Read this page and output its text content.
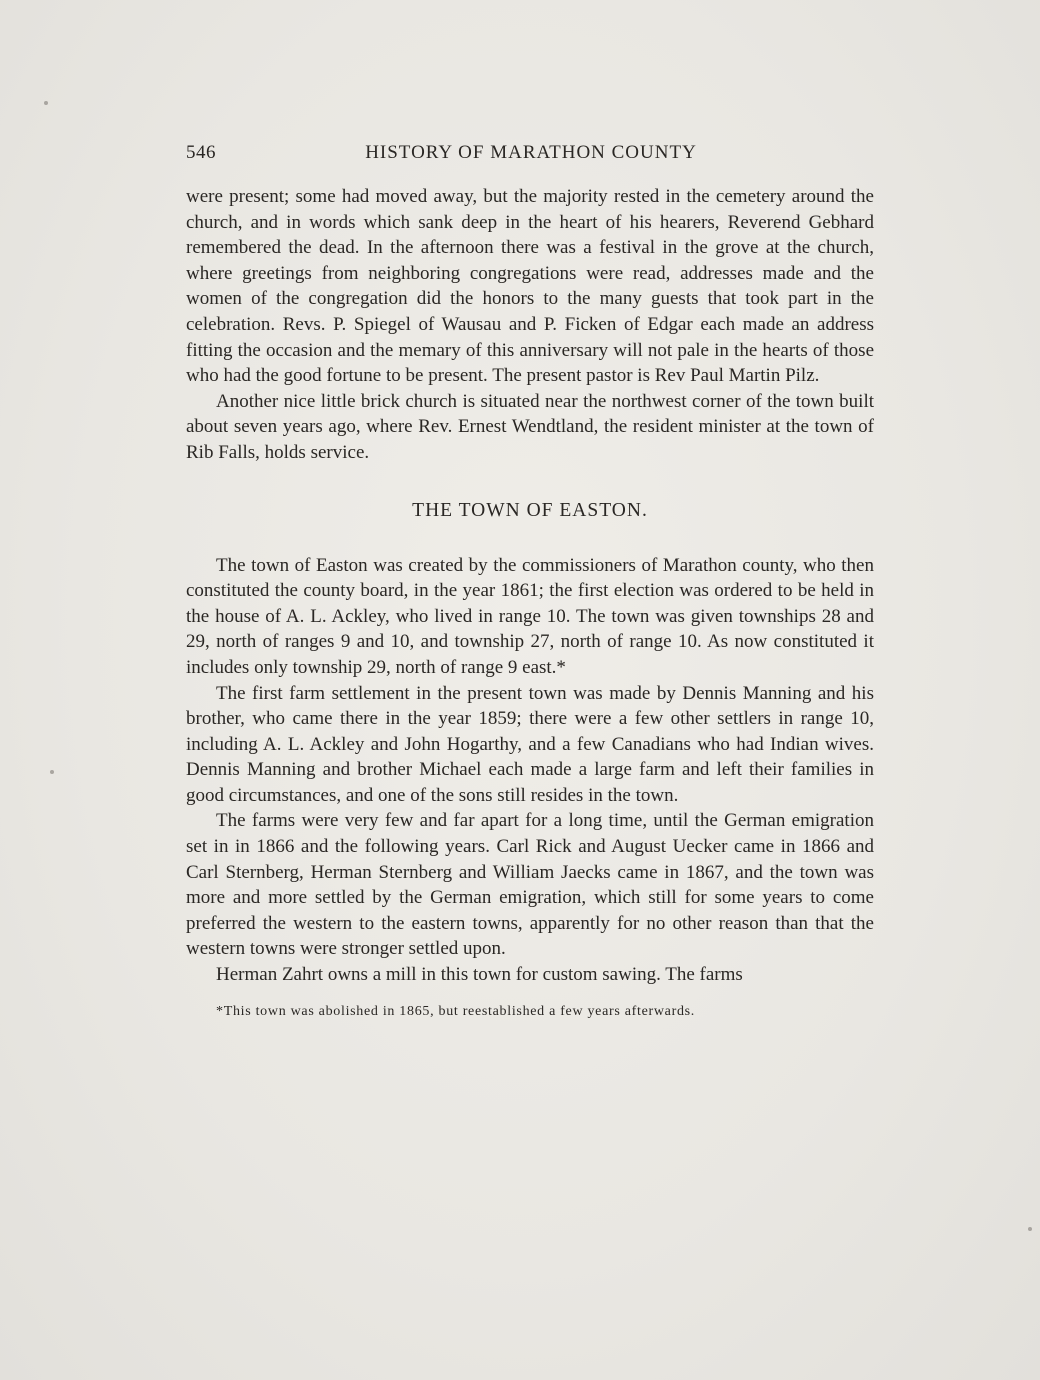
546	HISTORY OF MARATHON COUNTY

were present; some had moved away, but the majority rested in the cemetery around the church, and in words which sank deep in the heart of his hearers, Reverend Gebhard remembered the dead. In the afternoon there was a festival in the grove at the church, where greetings from neighboring congregations were read, addresses made and the women of the congregation did the honors to the many guests that took part in the celebration. Revs. P. Spiegel of Wausau and P. Ficken of Edgar each made an address fitting the occasion and the memary of this anniversary will not pale in the hearts of those who had the good fortune to be present. The present pastor is Rev Paul Martin Pilz.

Another nice little brick church is situated near the northwest corner of the town built about seven years ago, where Rev. Ernest Wendtland, the resident minister at the town of Rib Falls, holds service.

THE TOWN OF EASTON.

The town of Easton was created by the commissioners of Marathon county, who then constituted the county board, in the year 1861; the first election was ordered to be held in the house of A. L. Ackley, who lived in range 10. The town was given townships 28 and 29, north of ranges 9 and 10, and township 27, north of range 10. As now constituted it includes only township 29, north of range 9 east.*

The first farm settlement in the present town was made by Dennis Manning and his brother, who came there in the year 1859; there were a few other settlers in range 10, including A. L. Ackley and John Hogarthy, and a few Canadians who had Indian wives. Dennis Manning and brother Michael each made a large farm and left their families in good circumstances, and one of the sons still resides in the town.

The farms were very few and far apart for a long time, until the German emigration set in in 1866 and the following years. Carl Rick and August Uecker came in 1866 and Carl Sternberg, Herman Sternberg and William Jaecks came in 1867, and the town was more and more settled by the German emigration, which still for some years to come preferred the western to the eastern towns, apparently for no other reason than that the western towns were stronger settled upon.

Herman Zahrt owns a mill in this town for custom sawing. The farms

*This town was abolished in 1865, but reestablished a few years afterwards.
